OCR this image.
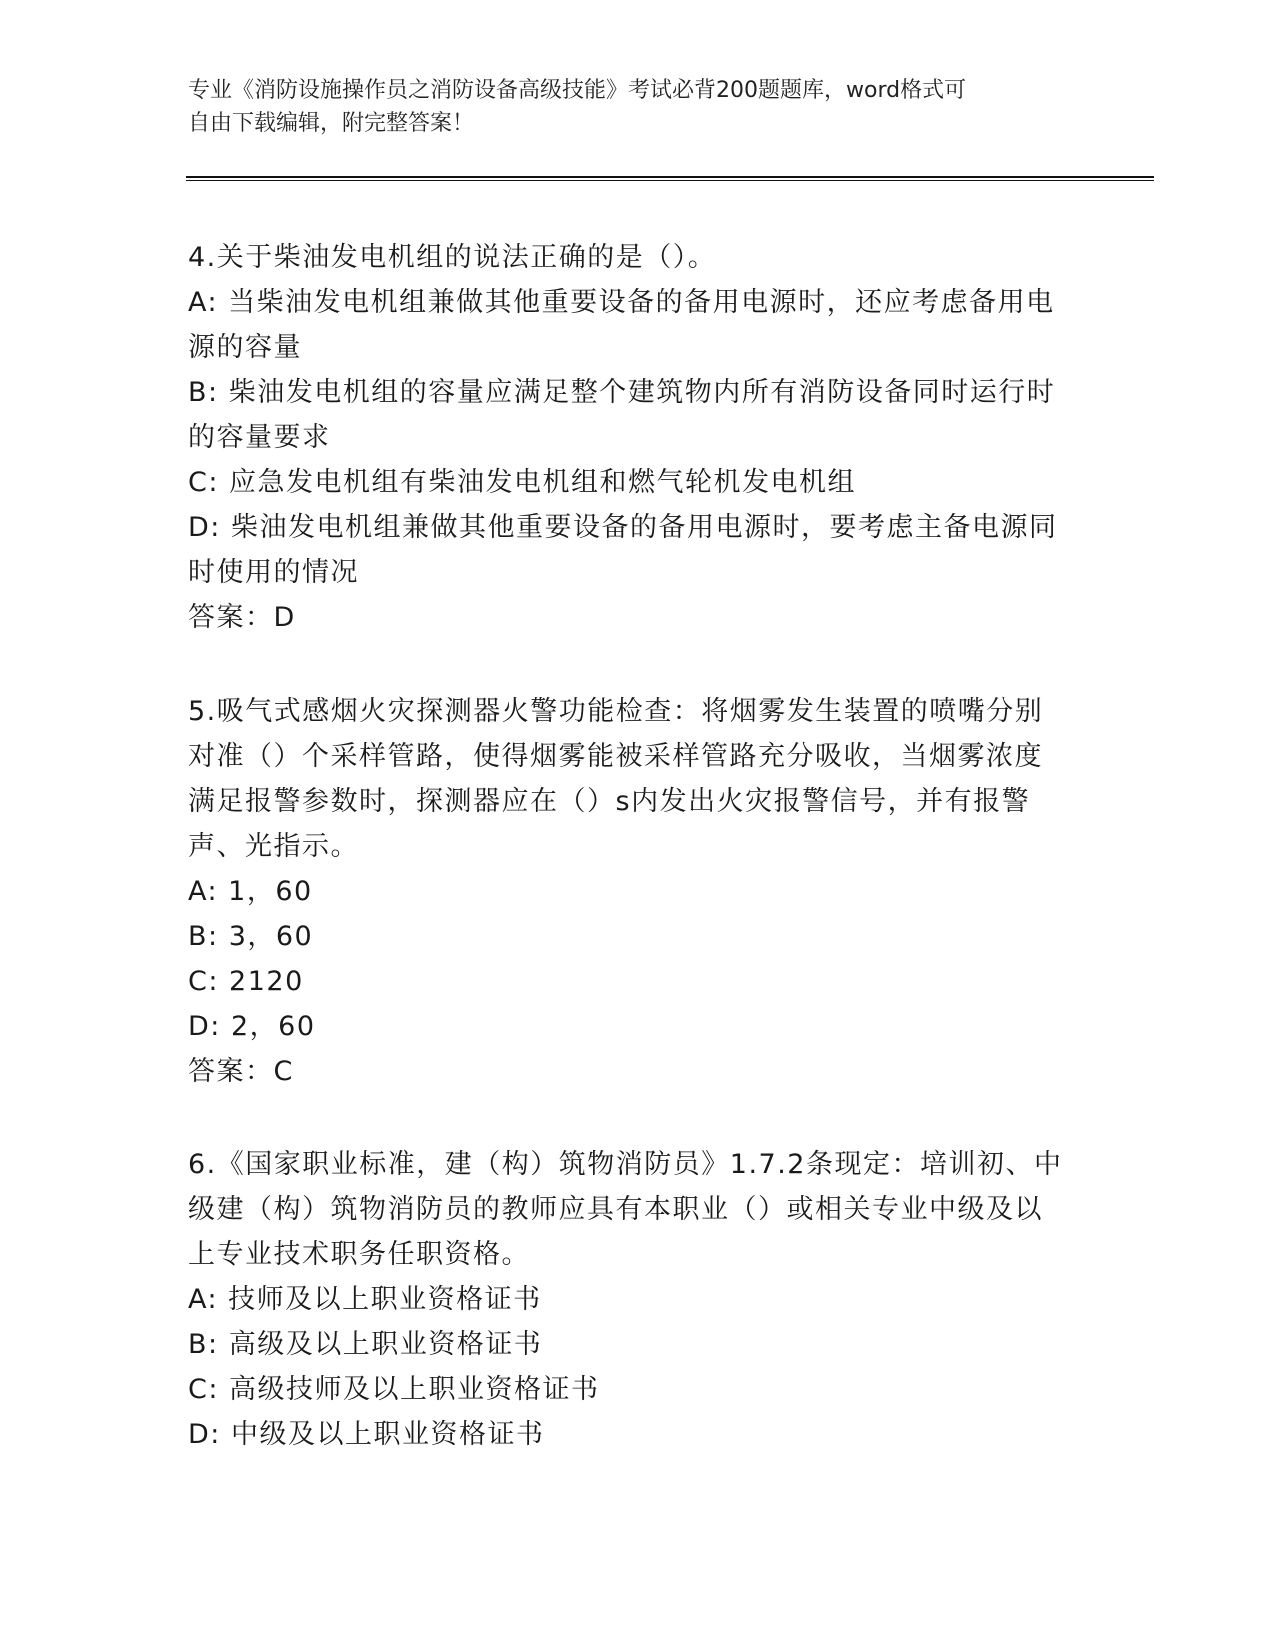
专业《消防设施操作员之消防设备高级技能》考试必背200题题库，word格式可
自由下载编辑，附完整答案！

4.关于柴油发电机组的说法正确的是（）。

A: 当柴油发电机组兼做其他重要设备的备用电源时，还应考虑备用电源的容量

B: 柴油发电机组的容量应满足整个建筑物内所有消防设备同时运行时的容量要求

C: 应急发电机组有柴油发电机组和燃气轮机发电机组

D: 柴油发电机组兼做其他重要设备的备用电源时，要考虑主备电源同时使用的情况

答案：D

5.吸气式感烟火灾探测器火警功能检查：将烟雾发生装置的喷嘴分别对准（）个采样管路，使得烟雾能被采样管路充分吸收，当烟雾浓度满足报警参数时，探测器应在（）s内发出火灾报警信号，并有报警声、光指示。

A: 1，60

B: 3，60

C: 2120

D: 2，60

答案：C

6.《国家职业标准，建（构）筑物消防员》1.7.2条现定：培训初、中级建（构）筑物消防员的教师应具有本职业（）或相关专业中级及以上专业技术职务任职资格。

A: 技师及以上职业资格证书

B: 高级及以上职业资格证书

C: 高级技师及以上职业资格证书

D: 中级及以上职业资格证书
